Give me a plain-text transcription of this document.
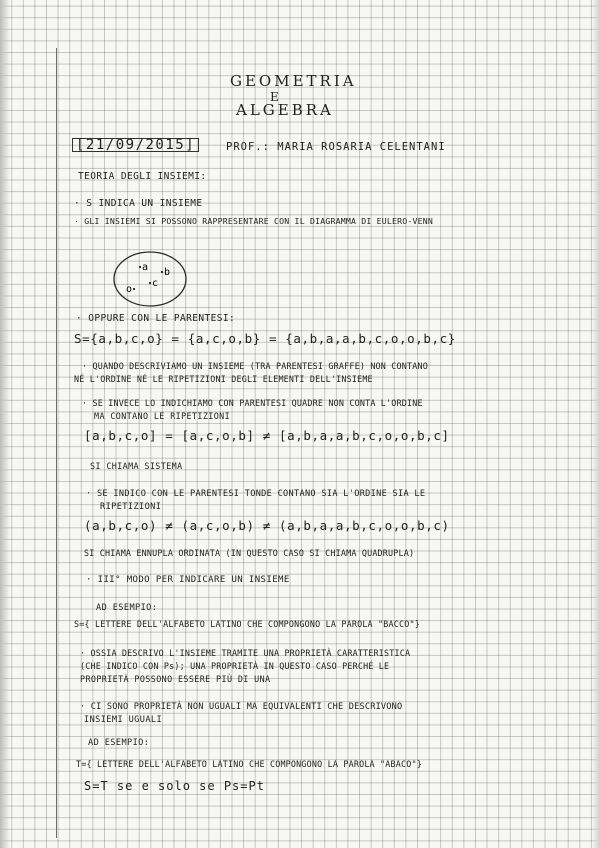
GEOMETRIA
E
ALGEBRA
[21/09/2015]	PROF.: MARIA ROSARIA CELENTANI
TEORIA DEGLI INSIEMI:
· S INDICA UN INSIEME
· GLI INSIEMI SI POSSONO RAPPRESENTARE CON IL DIAGRAMMA DI EULERO-VENN
a b
c
o
· OPPURE CON LE PARENTESI:
S={a,b,c,o} = {a,c,o,b} = {a,b,a,a,b,c,o,o,b,c}
· QUANDO DESCRIVIAMO UN INSIEME (TRA PARENTESI GRAFFE) NON CONTANO
NÉ L'ORDINE NÉ LE RIPETIZIONI DEGLI ELEMENTI DELL'INSIEME
· SE INVECE LO INDICHIAMO CON PARENTESI QUADRE NON CONTA L'ORDINE
MA CONTANO LE RIPETIZIONI
[a,b,c,o] = [a,c,o,b] ≠ [a,b,a,a,b,c,o,o,b,c]
SI CHIAMA SISTEMA
· SE INDICO CON LE PARENTESI TONDE CONTANO SIA L'ORDINE SIA LE
RIPETIZIONI
(a,b,c,o) ≠ (a,c,o,b) ≠ (a,b,a,a,b,c,o,o,b,c)
SI CHIAMA ENNUPLA ORDINATA (IN QUESTO CASO SI CHIAMA QUADRUPLA)
· III° MODO PER INDICARE UN INSIEME
AD ESEMPIO:
S={ LETTERE DELL'ALFABETO LATINO CHE COMPONGONO LA PAROLA "BACCO"}
· OSSIA DESCRIVO L'INSIEME TRAMITE UNA PROPRIETÀ CARATTERISTICA
(CHE INDICO CON Ps); UNA PROPRIETÀ IN QUESTO CASO PERCHÉ LE
PROPRIETÀ POSSONO ESSERE PIÙ DI UNA
· CI SONO PROPRIETÀ NON UGUALI MA EQUIVALENTI CHE DESCRIVONO
INSIEMI UGUALI
AD ESEMPIO:
T={ LETTERE DELL'ALFABETO LATINO CHE COMPONGONO LA PAROLA "ABACO"}
S=T se e solo se Ps=Pt
